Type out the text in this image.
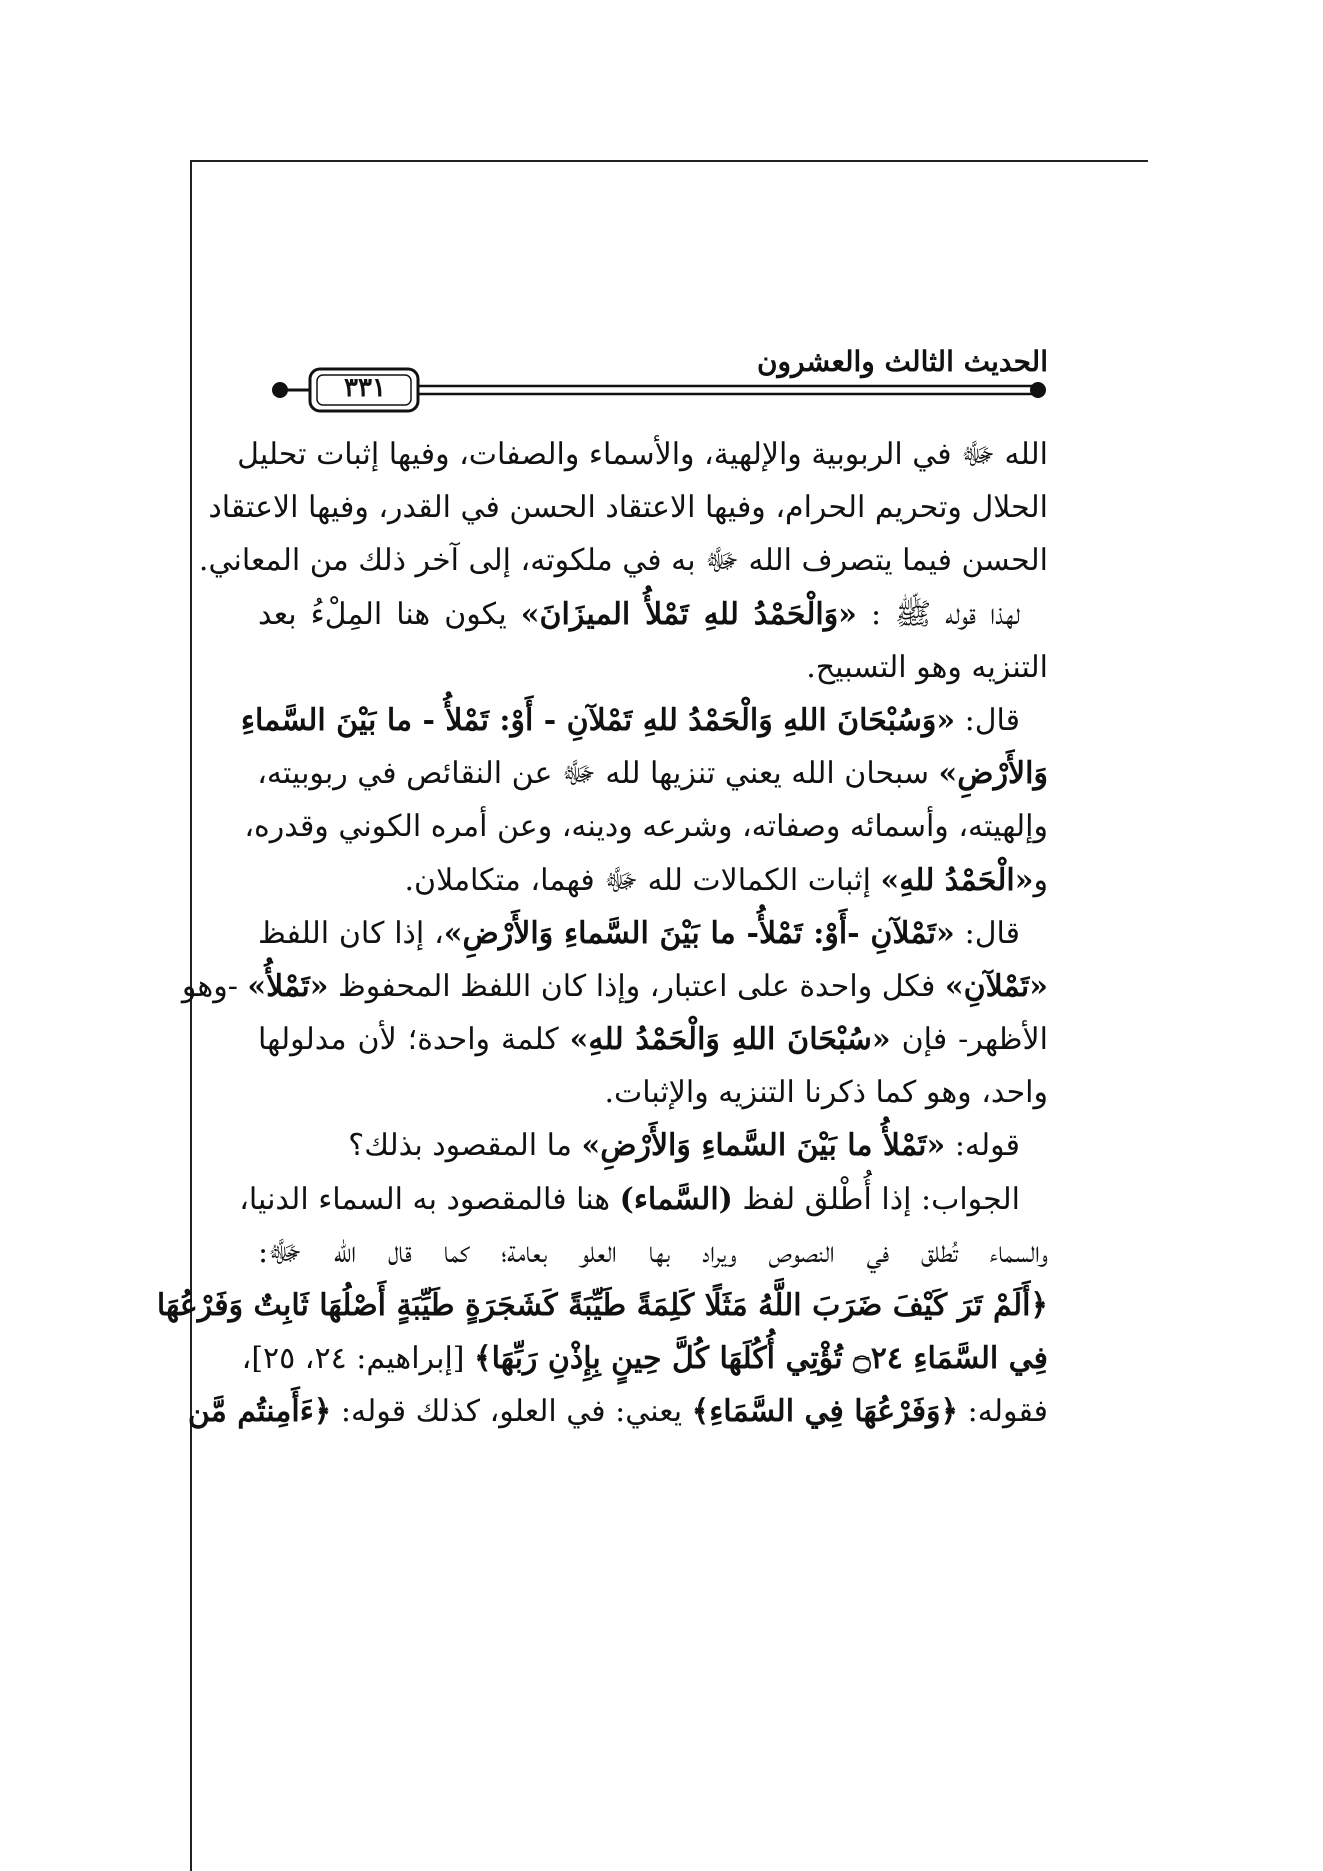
الحديث الثالث والعشرون
٣٣١
الله ﷻ في الربوبية والإلهية، والأسماء والصفات، وفيها إثبات تحليل
الحلال وتحريم الحرام، وفيها الاعتقاد الحسن في القدر، وفيها الاعتقاد
الحسن فيما يتصرف الله ﷻ به في ملكوته، إلى آخر ذلك من المعاني.
لهذا قوله ﷺ : «وَالْحَمْدُ للهِ تَمْلأُ الميزَانَ» يكون هنا المِلْءُ بعد
التنزيه وهو التسبيح.
قال: «وَسُبْحَانَ اللهِ وَالْحَمْدُ للهِ تَمْلآنِ - أَوْ: تَمْلأُ - ما بَيْنَ السَّماءِ
وَالأَرْضِ» سبحان الله يعني تنزيها لله ﷻ عن النقائص في ربوبيته،
وإلهيته، وأسمائه وصفاته، وشرعه ودينه، وعن أمره الكوني وقدره،
و«الْحَمْدُ للهِ» إثبات الكمالات لله ﷻ فهما، متكاملان.
قال: «تَمْلآنِ -أَوْ: تَمْلأُ- ما بَيْنَ السَّماءِ وَالأَرْضِ»، إذا كان اللفظ
«تَمْلآنِ» فكل واحدة على اعتبار، وإذا كان اللفظ المحفوظ «تَمْلأُ» -وهو
الأظهر- فإن «سُبْحَانَ اللهِ وَالْحَمْدُ للهِ» كلمة واحدة؛ لأن مدلولها
واحد، وهو كما ذكرنا التنزيه والإثبات.
قوله: «تَمْلأُ ما بَيْنَ السَّماءِ وَالأَرْضِ» ما المقصود بذلك؟
الجواب: إذا أُطْلق لفظ (السَّماء) هنا فالمقصود به السماء الدنيا،
والسماء تُطلق في النصوص ويراد بها العلو بعامة؛ كما قال الله ﷻ:
﴿أَلَمْ تَرَ كَيْفَ ضَرَبَ اللَّهُ مَثَلًا كَلِمَةً طَيِّبَةً كَشَجَرَةٍ طَيِّبَةٍ أَصْلُهَا ثَابِتٌ وَفَرْعُهَا
فِي السَّمَاءِ ۝٢٤ تُؤْتِي أُكُلَهَا كُلَّ حِينٍ بِإِذْنِ رَبِّهَا﴾ [إبراهيم: ٢٤، ٢٥]،
فقوله: ﴿وَفَرْعُهَا فِي السَّمَاءِ﴾ يعني: في العلو، كذلك قوله: ﴿ءَأَمِنتُم مَّن
